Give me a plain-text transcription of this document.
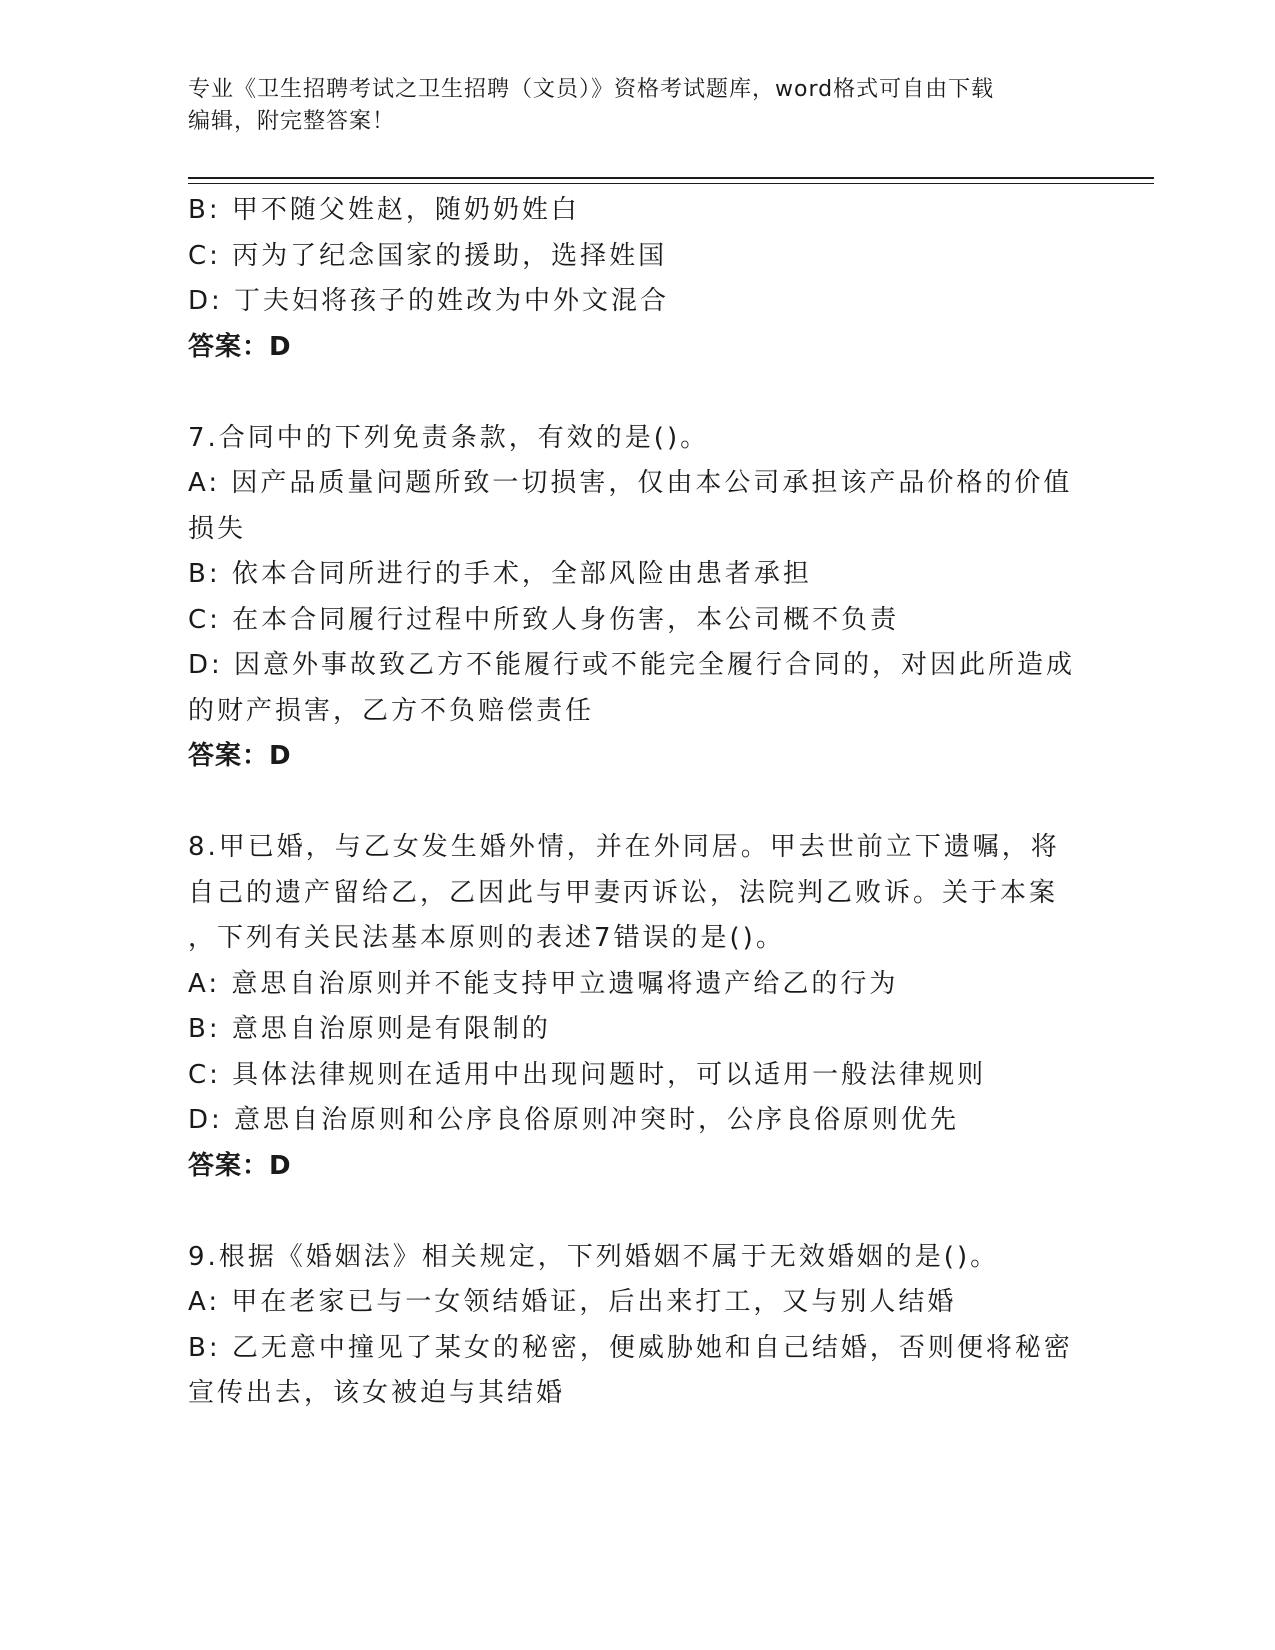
专业《卫生招聘考试之卫生招聘（文员）》资格考试题库，word格式可自由下载
编辑，附完整答案！

B: 甲不随父姓赵，随奶奶姓白

C: 丙为了纪念国家的援助，选择姓国

D: 丁夫妇将孩子的姓改为中外文混合

答案：D

7.合同中的下列免责条款，有效的是()。

A: 因产品质量问题所致一切损害，仅由本公司承担该产品价格的价值

损失

B: 依本合同所进行的手术，全部风险由患者承担

C: 在本合同履行过程中所致人身伤害，本公司概不负责

D: 因意外事故致乙方不能履行或不能完全履行合同的，对因此所造成

的财产损害，乙方不负赔偿责任

答案：D

8.甲已婚，与乙女发生婚外情，并在外同居。甲去世前立下遗嘱，将

自己的遗产留给乙，乙因此与甲妻丙诉讼，法院判乙败诉。关于本案

，下列有关民法基本原则的表述7错误的是()。

A: 意思自治原则并不能支持甲立遗嘱将遗产给乙的行为

B: 意思自治原则是有限制的

C: 具体法律规则在适用中出现问题时，可以适用一般法律规则

D: 意思自治原则和公序良俗原则冲突时，公序良俗原则优先

答案：D

9.根据《婚姻法》相关规定，下列婚姻不属于无效婚姻的是()。

A: 甲在老家已与一女领结婚证，后出来打工，又与别人结婚

B: 乙无意中撞见了某女的秘密，便威胁她和自己结婚，否则便将秘密

宣传出去，该女被迫与其结婚
